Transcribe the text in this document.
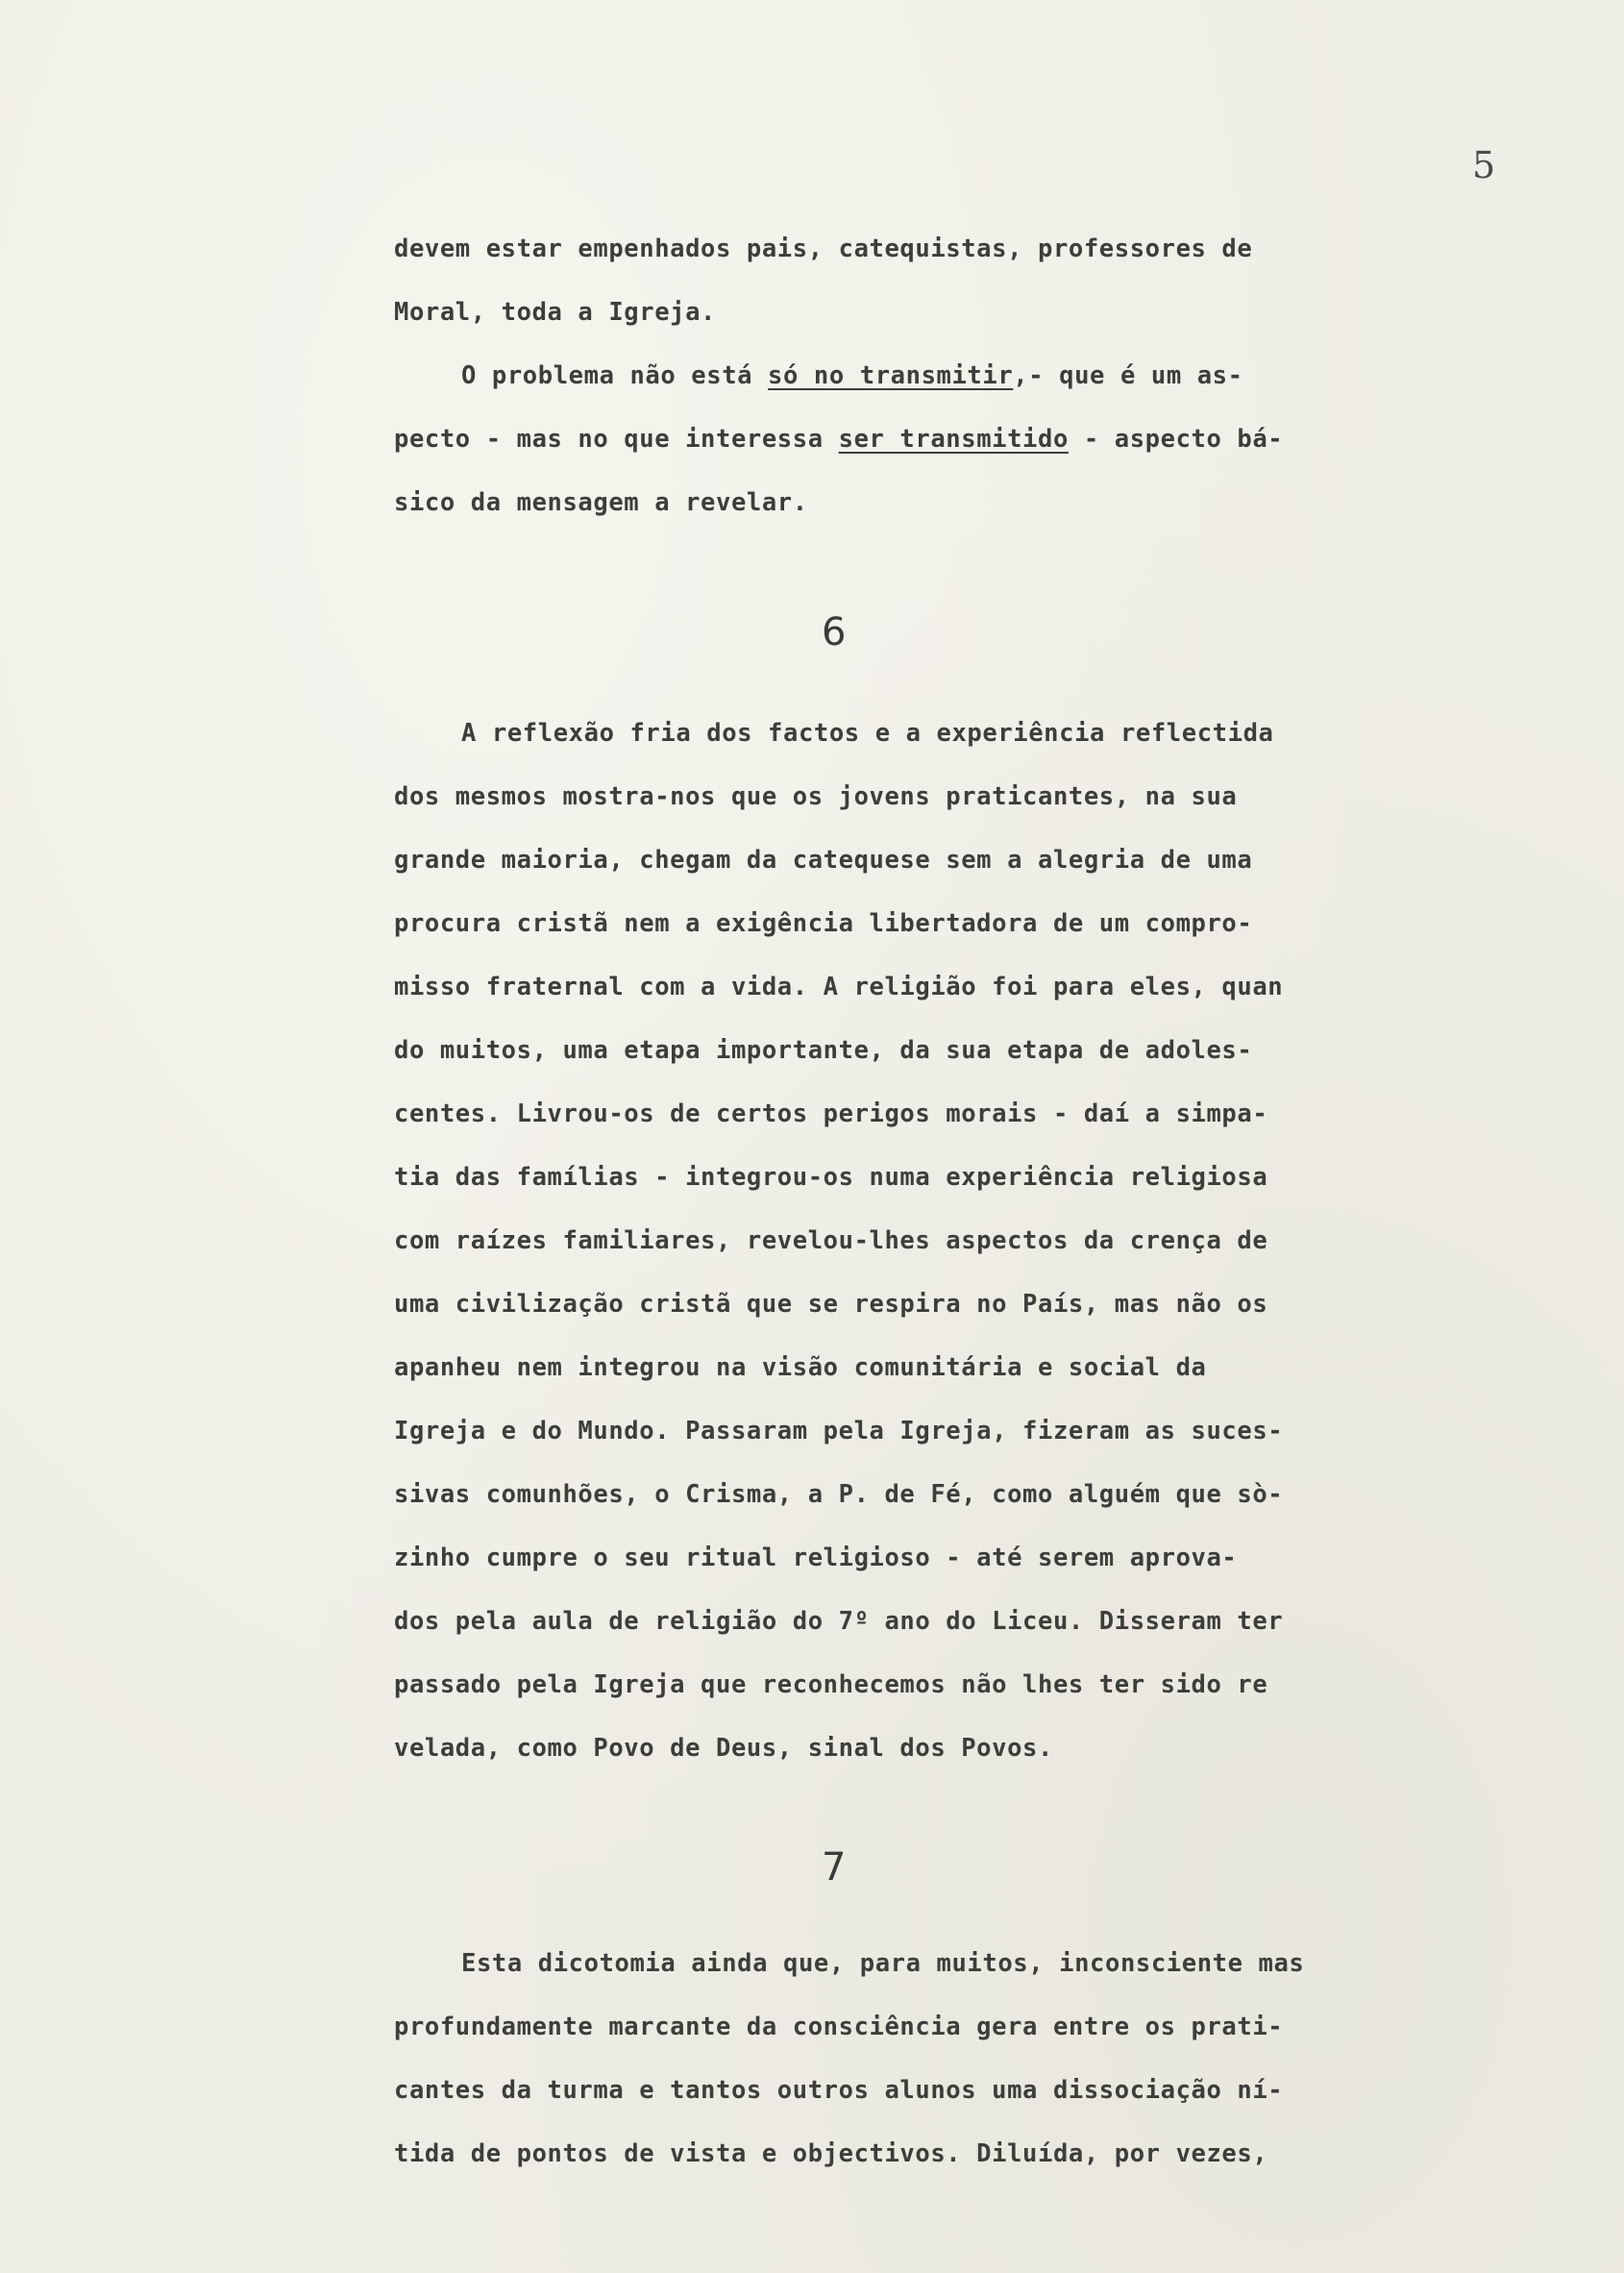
5
devem estar empenhados pais, catequistas, professores de
Moral, toda a Igreja.
O problema não está só no transmitir,- que é um as-
pecto - mas no que interessa ser transmitido - aspecto bá-
sico da mensagem a revelar.
6
A reflexão fria dos factos e a experiência reflectida
dos mesmos mostra-nos que os jovens praticantes, na sua
grande maioria, chegam da catequese sem a alegria de uma
procura cristã nem a exigência libertadora de um compro-
misso fraternal com a vida. A religião foi para eles, quan
do muitos, uma etapa importante, da sua etapa de adoles-
centes. Livrou-os de certos perigos morais - daí a simpa-
tia das famílias - integrou-os numa experiência religiosa
com raízes familiares, revelou-lhes aspectos da crença de
uma civilização cristã que se respira no País, mas não os
apanheu nem integrou na visão comunitária e social da
Igreja e do Mundo. Passaram pela Igreja, fizeram as suces-
sivas comunhões, o Crisma, a P. de Fé, como alguém que sò-
zinho cumpre o seu ritual religioso - até serem aprova-
dos pela aula de religião do 7º ano do Liceu. Disseram ter
passado pela Igreja que reconhecemos não lhes ter sido re
velada, como Povo de Deus, sinal dos Povos.
7
Esta dicotomia ainda que, para muitos, inconsciente mas
profundamente marcante da consciência gera entre os prati-
cantes da turma e tantos outros alunos uma dissociação ní-
tida de pontos de vista e objectivos. Diluída, por vezes,
